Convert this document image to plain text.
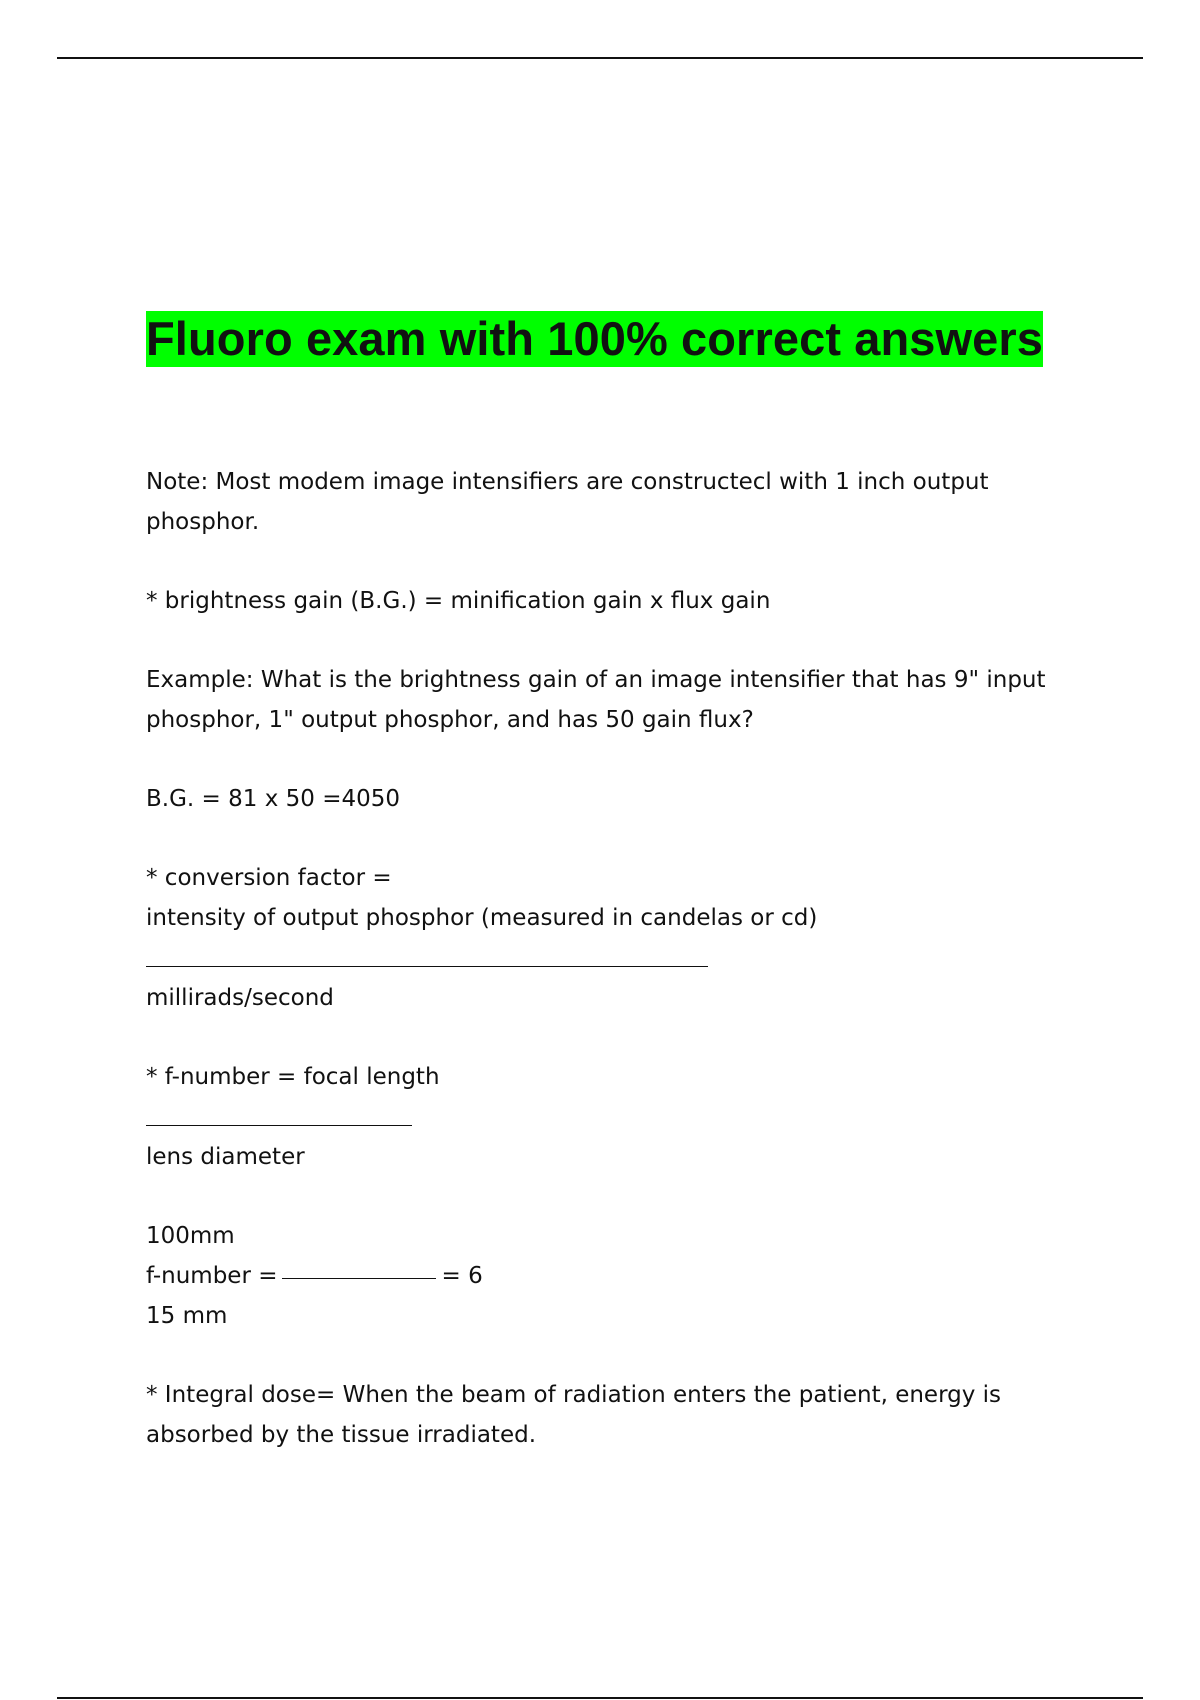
Fluoro exam with 100% correct answers

Note: Most modem image intensifiers are constructecl with 1 inch output

phosphor.

* brightness gain (B.G.) = minification gain x flux gain

Example: What is the brightness gain of an image intensifier that has 9" input

phosphor, 1" output phosphor, and has 50 gain flux?

B.G. = 81 x 50 =4050

* conversion factor =

intensity of output phosphor (measured in candelas or cd)

millirads/second

* f-number = focal length

lens diameter

100mm

f-number =	= 6

15 mm

* Integral dose= When the beam of radiation enters the patient, energy is

absorbed by the tissue irradiated.
